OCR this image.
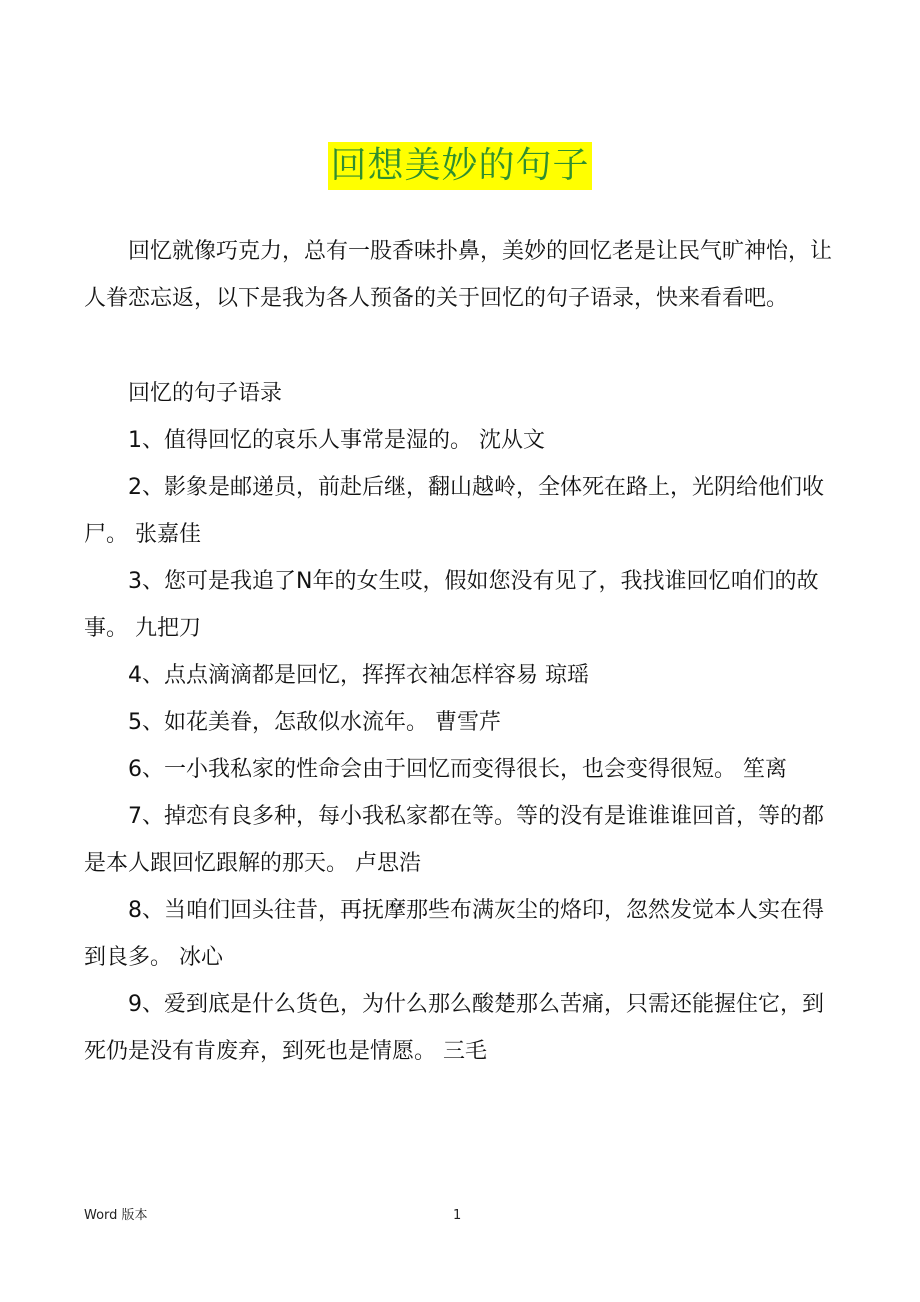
回想美妙的句子

回忆就像巧克力，总有一股香味扑鼻，美妙的回忆老是让民气旷神怡，让人眷恋忘返，以下是我为各人预备的关于回忆的句子语录，快来看看吧。

回忆的句子语录

1、值得回忆的哀乐人事常是湿的。 沈从文

2、影象是邮递员，前赴后继，翻山越岭，全体死在路上，光阴给他们收尸。 张嘉佳

3、您可是我追了N年的女生哎，假如您没有见了，我找谁回忆咱们的故事。 九把刀

4、点点滴滴都是回忆，挥挥衣袖怎样容易 琼瑶

5、如花美眷，怎敌似水流年。 曹雪芹

6、一小我私家的性命会由于回忆而变得很长，也会变得很短。 笙离

7、掉恋有良多种，每小我私家都在等。等的没有是谁谁谁回首，等的都是本人跟回忆跟解的那天。 卢思浩

8、当咱们回头往昔，再抚摩那些布满灰尘的烙印，忽然发觉本人实在得到良多。 冰心

9、爱到底是什么货色，为什么那么酸楚那么苦痛，只需还能握住它，到死仍是没有肯废弃，到死也是情愿。 三毛

Word 版本	1
